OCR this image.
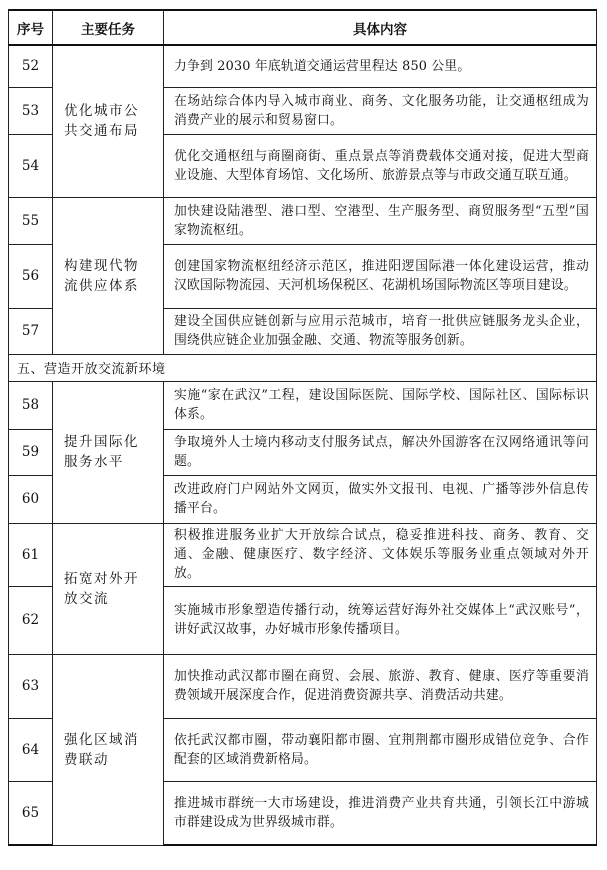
序号	主要任务	具体内容
52	优化城市公共交通布局	力争到 2030 年底轨道交通运营里程达 850 公里。
53		在场站综合体内导入城市商业、商务、文化服务功能，让交通枢纽成为消费产业的展示和贸易窗口。
54		优化交通枢纽与商圈商街、重点景点等消费载体交通对接，促进大型商业设施、大型体育场馆、文化场所、旅游景点等与市政交通互联互通。
55	构建现代物流供应体系	加快建设陆港型、港口型、空港型、生产服务型、商贸服务型“五型”国家物流枢纽。
56		创建国家物流枢纽经济示范区，推进阳逻国际港一体化建设运营，推动汉欧国际物流园、天河机场保税区、花湖机场国际物流区等项目建设。
57		建设全国供应链创新与应用示范城市，培育一批供应链服务龙头企业，围绕供应链企业加强金融、交通、物流等服务创新。
五、营造开放交流新环境		
58	提升国际化服务水平	实施“家在武汉”工程，建设国际医院、国际学校、国际社区、国际标识体系。
59		争取境外人士境内移动支付服务试点，解决外国游客在汉网络通讯等问题。
60		改进政府门户网站外文网页，做实外文报刊、电视、广播等涉外信息传播平台。
61	拓宽对外开放交流	积极推进服务业扩大开放综合试点，稳妥推进科技、商务、教育、交通、金融、健康医疗、数字经济、文体娱乐等服务业重点领域对外开放。
62		实施城市形象塑造传播行动，统筹运营好海外社交媒体上“武汉账号”，讲好武汉故事，办好城市形象传播项目。
63	强化区域消费联动	加快推动武汉都市圈在商贸、会展、旅游、教育、健康、医疗等重要消费领域开展深度合作，促进消费资源共享、消费活动共建。
64		依托武汉都市圈，带动襄阳都市圈、宜荆荆都市圈形成错位竞争、合作配套的区域消费新格局。
65		推进城市群统一大市场建设，推进消费产业共育共通，引领长江中游城市群建设成为世界级城市群。
